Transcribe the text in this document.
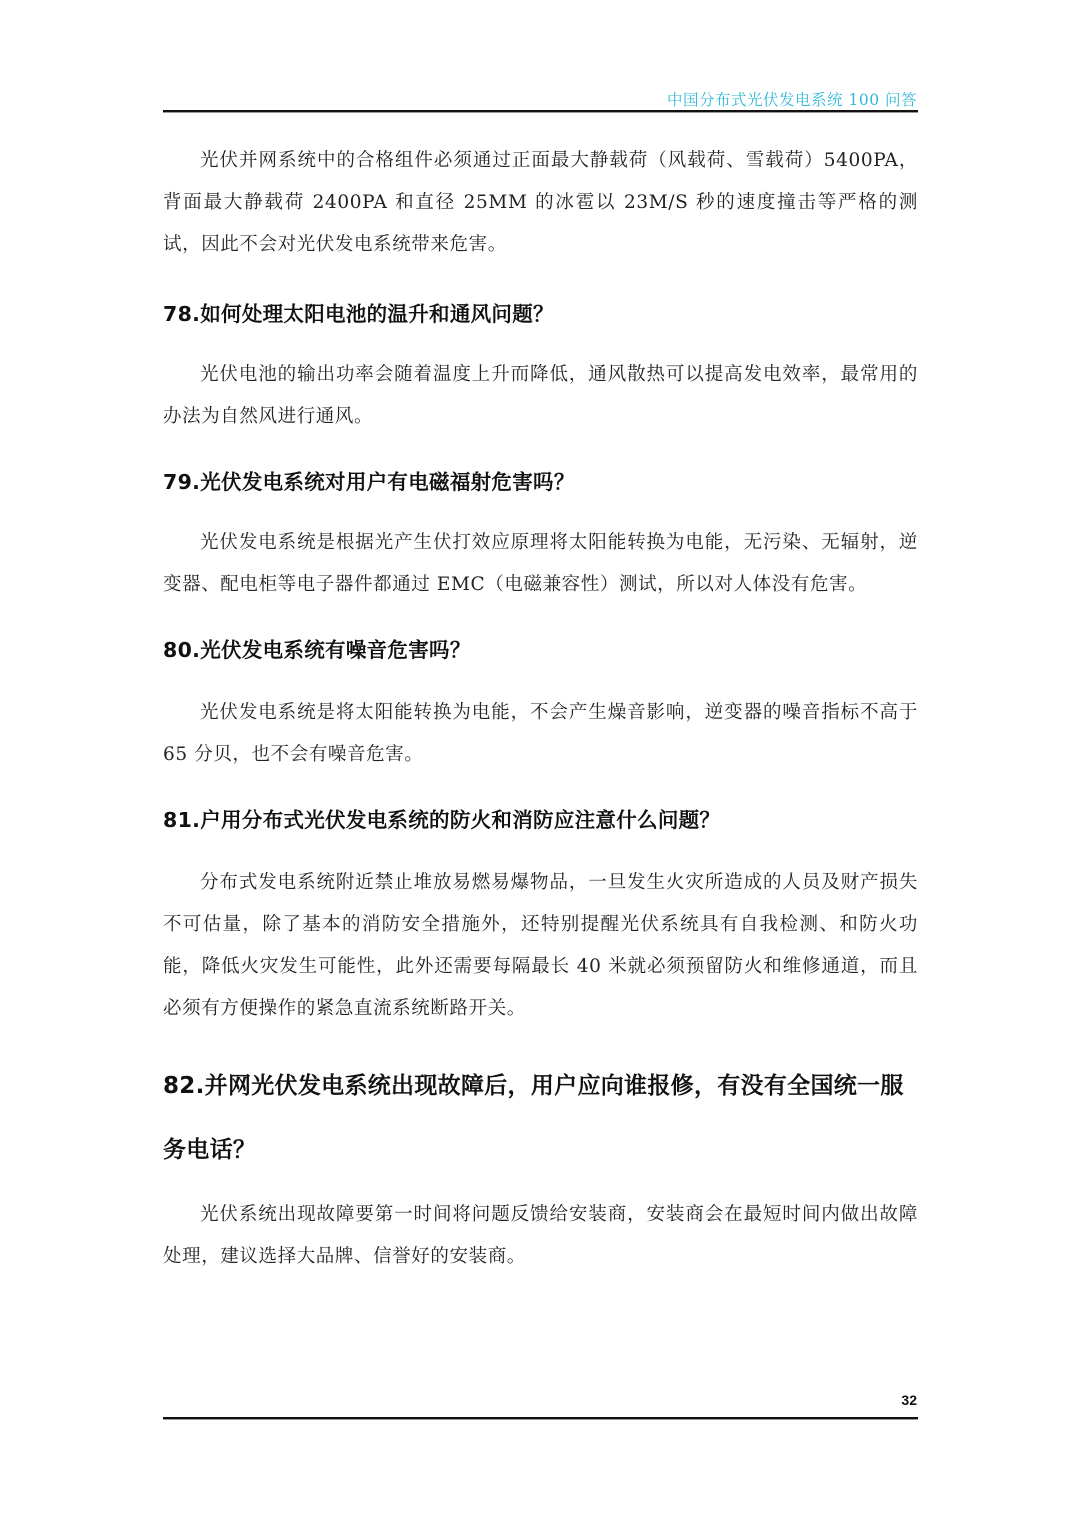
中国分布式光伏发电系统 100 问答

光伏并网系统中的合格组件必须通过正面最大静载荷（风载荷、雪载荷）5400PA，背面最大静载荷 2400PA 和直径 25MM 的冰雹以 23M/S 秒的速度撞击等严格的测试，因此不会对光伏发电系统带来危害。

78.如何处理太阳电池的温升和通风问题？

光伏电池的输出功率会随着温度上升而降低，通风散热可以提高发电效率，最常用的办法为自然风进行通风。

79.光伏发电系统对用户有电磁福射危害吗？

光伏发电系统是根据光产生伏打效应原理将太阳能转换为电能，无污染、无辐射，逆变器、配电柜等电子器件都通过 EMC（电磁兼容性）测试，所以对人体没有危害。

80.光伏发电系统有噪音危害吗？

光伏发电系统是将太阳能转换为电能，不会产生燥音影响，逆变器的噪音指标不高于 65 分贝，也不会有噪音危害。

81.户用分布式光伏发电系统的防火和消防应注意什么问题？

分布式发电系统附近禁止堆放易燃易爆物品，一旦发生火灾所造成的人员及财产损失不可估量，除了基本的消防安全措施外，还特别提醒光伏系统具有自我检测、和防火功能，降低火灾发生可能性，此外还需要每隔最长 40 米就必须预留防火和维修通道，而且必须有方便操作的紧急直流系统断路开关。

82.并网光伏发电系统出现故障后，用户应向谁报修，有没有全国统一服务电话？

光伏系统出现故障要第一时间将问题反馈给安装商，安装商会在最短时间内做出故障处理，建议选择大品牌、信誉好的安装商。

32
